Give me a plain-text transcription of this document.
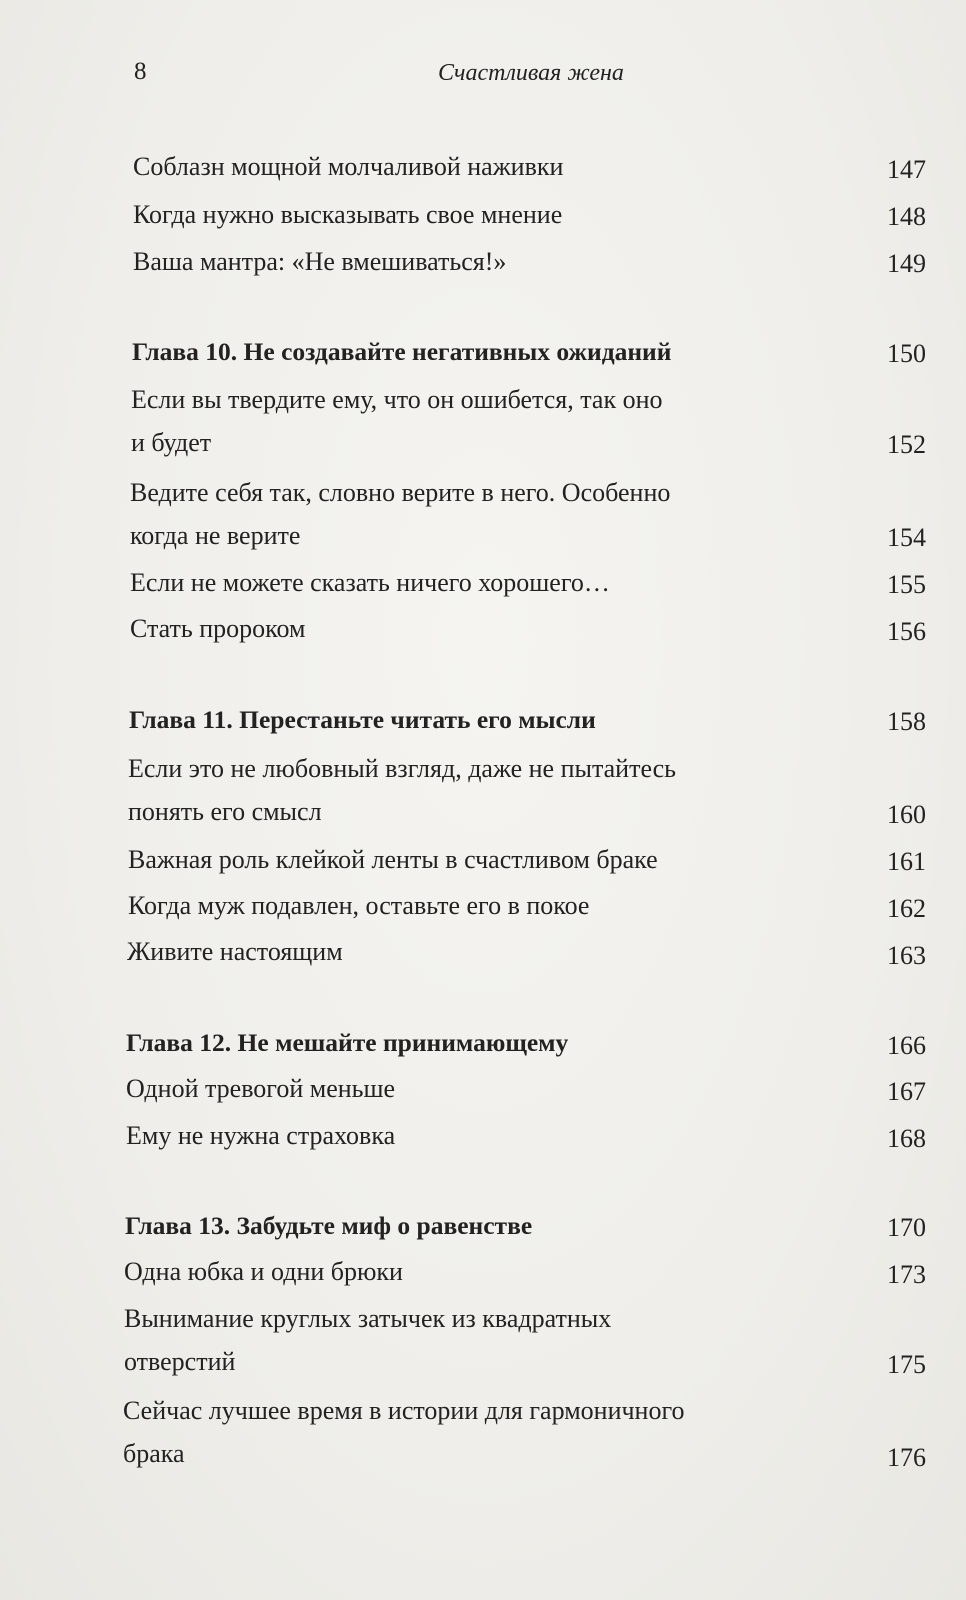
8	Счастливая жена
Соблазн мощной молчаливой наживки	147
Когда нужно высказывать свое мнение	148
Ваша мантра: «Не вмешиваться!»	149
Глава 10. Не создавайте негативных ожиданий	150
Если вы твердите ему, что он ошибется, так оно
и будет	152
Ведите себя так, словно верите в него. Особенно
когда не верите	154
Если не можете сказать ничего хорошего…	155
Стать пророком	156
Глава 11. Перестаньте читать его мысли	158
Если это не любовный взгляд, даже не пытайтесь
понять его смысл	160
Важная роль клейкой ленты в счастливом браке	161
Когда муж подавлен, оставьте его в покое	162
Живите настоящим	163
Глава 12. Не мешайте принимающему	166
Одной тревогой меньше	167
Ему не нужна страховка	168
Глава 13. Забудьте миф о равенстве	170
Одна юбка и одни брюки	173
Вынимание круглых затычек из квадратных
отверстий	175
Сейчас лучшее время в истории для гармоничного
брака	176
